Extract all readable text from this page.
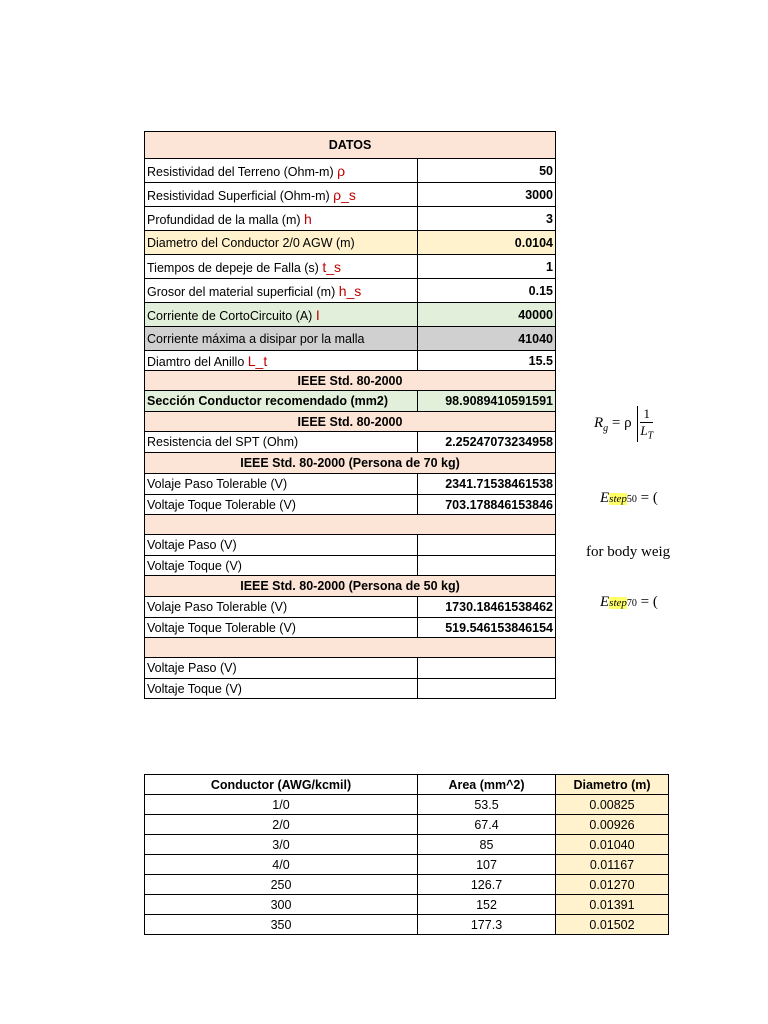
DATOS	
Resistividad del Terreno (Ohm-m) ρ	50
Resistividad Superficial (Ohm-m) ρ_s	3000
Profundidad de la malla (m) h	3
Diametro del Conductor 2/0 AGW (m)	0.0104
Tiempos de depeje de Falla (s) t_s	1
Grosor del material superficial (m) h_s	0.15
Corriente de CortoCircuito (A) I	40000
Corriente máxima a disipar por la malla	41040
Diamtro del Anillo L_t	15.5
IEEE Std. 80-2000	
Sección Conductor recomendado (mm2)	98.9089410591591
IEEE Std. 80-2000	
Resistencia del SPT (Ohm)	2.25247073234958
IEEE Std. 80-2000 (Persona de 70 kg)	
Volaje Paso Tolerable (V)	2341.71538461538
Voltaje Toque Tolerable (V)	703.178846153846

Voltaje Paso (V)	
Voltaje Toque (V)	
IEEE Std. 80-2000 (Persona de 50 kg)	
Volaje Paso Tolerable (V)	1730.18461538462
Voltaje Toque Tolerable (V)	519.546153846154

Voltaje Paso (V)	
Voltaje Toque (V)	
Conductor (AWG/kcmil)	Area (mm^2)	Diametro (m)
1/0	53.5	0.00825
2/0	67.4	0.00926
3/0	85	0.01040
4/0	107	0.01167
250	126.7	0.01270
300	152	0.01391
350	177.3	0.01502
$R_g = \rho \frac{1}{L_T}$
Estep50 = (
for body weig
Estep70 = (
